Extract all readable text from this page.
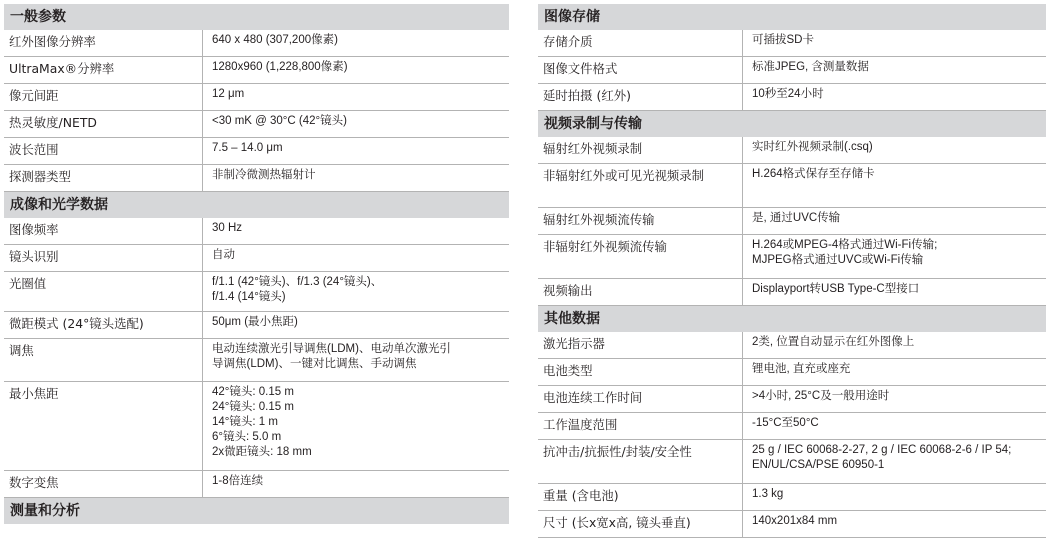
一般参数
红外图像分辨率	640 x 480 (307,200像素)
UltraMax®分辨率	1280x960 (1,228,800像素)
像元间距	12 μm
热灵敏度/NETD	<30 mK @ 30°C (42°镜头)
波长范围	7.5 – 14.0 μm
探测器类型	非制冷微测热辐射计
成像和光学数据
图像频率	30 Hz
镜头识别	自动
光圈值	f/1.1 (42°镜头)、f/1.3 (24°镜头)、
f/1.4 (14°镜头)
微距模式 (24°镜头选配)	50μm (最小焦距)
调焦	电动连续激光引导调焦(LDM)、电动单次激光引
导调焦(LDM)、一键对比调焦、手动调焦
最小焦距	42°镜头: 0.15 m
24°镜头: 0.15 m
14°镜头: 1 m
6°镜头: 5.0 m
2x微距镜头: 18 mm
数字变焦	1-8倍连续
测量和分析
图像存储
存储介质	可插拔SD卡
图像文件格式	标准JPEG, 含测量数据
延时拍摄 (红外)	10秒至24小时
视频录制与传输
辐射红外视频录制	实时红外视频录制(.csq)
非辐射红外或可见光视频录制	H.264格式保存至存储卡
辐射红外视频流传输	是, 通过UVC传输
非辐射红外视频流传输	H.264或MPEG-4格式通过Wi-Fi传输;
MJPEG格式通过UVC或Wi-Fi传输
视频输出	Displayport转USB Type-C型接口
其他数据
激光指示器	2类, 位置自动显示在红外图像上
电池类型	锂电池, 直充或座充
电池连续工作时间	>4小时, 25°C及一般用途时
工作温度范围	-15°C至50°C
抗冲击/抗振性/封装/安全性	25 g / IEC 60068-2-27, 2 g / IEC 60068-2-6 / IP 54;
EN/UL/CSA/PSE 60950-1
重量 (含电池)	1.3 kg
尺寸 (长x宽x高, 镜头垂直)	140x201x84 mm
